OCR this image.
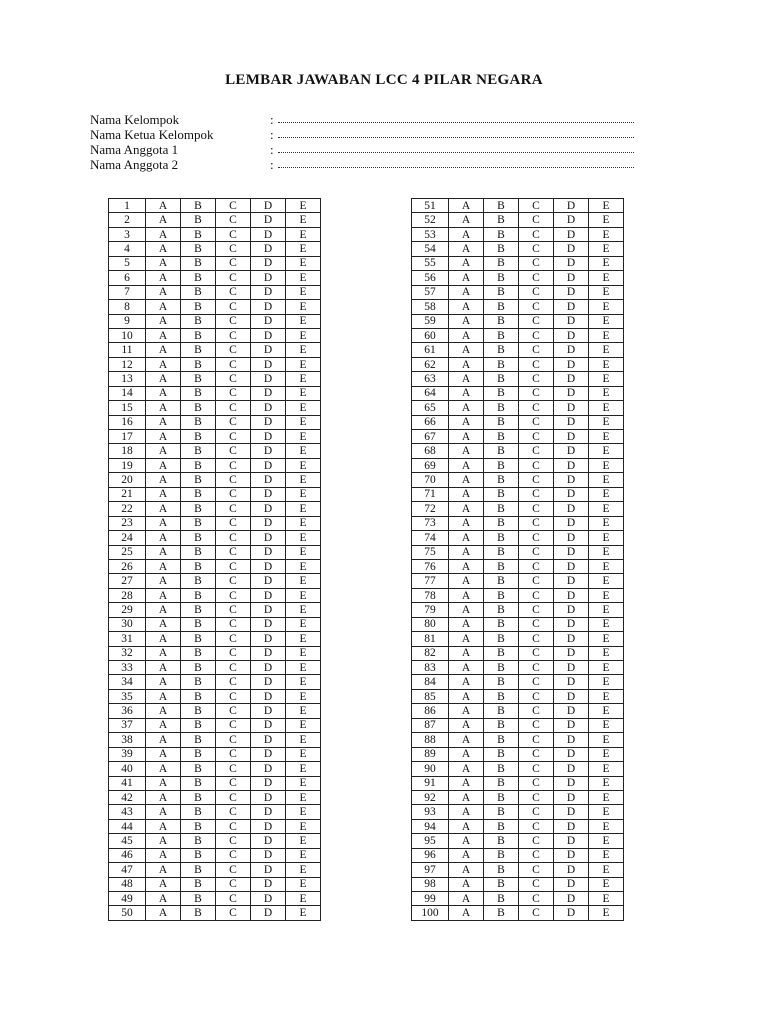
LEMBAR JAWABAN LCC 4 PILAR NEGARA
Nama Kelompok	:
Nama Ketua Kelompok	:
Nama Anggota 1	:
Nama Anggota 2	:
1	A	B	C	D	E
2	A	B	C	D	E
3	A	B	C	D	E
4	A	B	C	D	E
5	A	B	C	D	E
6	A	B	C	D	E
7	A	B	C	D	E
8	A	B	C	D	E
9	A	B	C	D	E
10	A	B	C	D	E
11	A	B	C	D	E
12	A	B	C	D	E
13	A	B	C	D	E
14	A	B	C	D	E
15	A	B	C	D	E
16	A	B	C	D	E
17	A	B	C	D	E
18	A	B	C	D	E
19	A	B	C	D	E
20	A	B	C	D	E
21	A	B	C	D	E
22	A	B	C	D	E
23	A	B	C	D	E
24	A	B	C	D	E
25	A	B	C	D	E
26	A	B	C	D	E
27	A	B	C	D	E
28	A	B	C	D	E
29	A	B	C	D	E
30	A	B	C	D	E
31	A	B	C	D	E
32	A	B	C	D	E
33	A	B	C	D	E
34	A	B	C	D	E
35	A	B	C	D	E
36	A	B	C	D	E
37	A	B	C	D	E
38	A	B	C	D	E
39	A	B	C	D	E
40	A	B	C	D	E
41	A	B	C	D	E
42	A	B	C	D	E
43	A	B	C	D	E
44	A	B	C	D	E
45	A	B	C	D	E
46	A	B	C	D	E
47	A	B	C	D	E
48	A	B	C	D	E
49	A	B	C	D	E
50	A	B	C	D	E
51	A	B	C	D	E
52	A	B	C	D	E
53	A	B	C	D	E
54	A	B	C	D	E
55	A	B	C	D	E
56	A	B	C	D	E
57	A	B	C	D	E
58	A	B	C	D	E
59	A	B	C	D	E
60	A	B	C	D	E
61	A	B	C	D	E
62	A	B	C	D	E
63	A	B	C	D	E
64	A	B	C	D	E
65	A	B	C	D	E
66	A	B	C	D	E
67	A	B	C	D	E
68	A	B	C	D	E
69	A	B	C	D	E
70	A	B	C	D	E
71	A	B	C	D	E
72	A	B	C	D	E
73	A	B	C	D	E
74	A	B	C	D	E
75	A	B	C	D	E
76	A	B	C	D	E
77	A	B	C	D	E
78	A	B	C	D	E
79	A	B	C	D	E
80	A	B	C	D	E
81	A	B	C	D	E
82	A	B	C	D	E
83	A	B	C	D	E
84	A	B	C	D	E
85	A	B	C	D	E
86	A	B	C	D	E
87	A	B	C	D	E
88	A	B	C	D	E
89	A	B	C	D	E
90	A	B	C	D	E
91	A	B	C	D	E
92	A	B	C	D	E
93	A	B	C	D	E
94	A	B	C	D	E
95	A	B	C	D	E
96	A	B	C	D	E
97	A	B	C	D	E
98	A	B	C	D	E
99	A	B	C	D	E
100	A	B	C	D	E
